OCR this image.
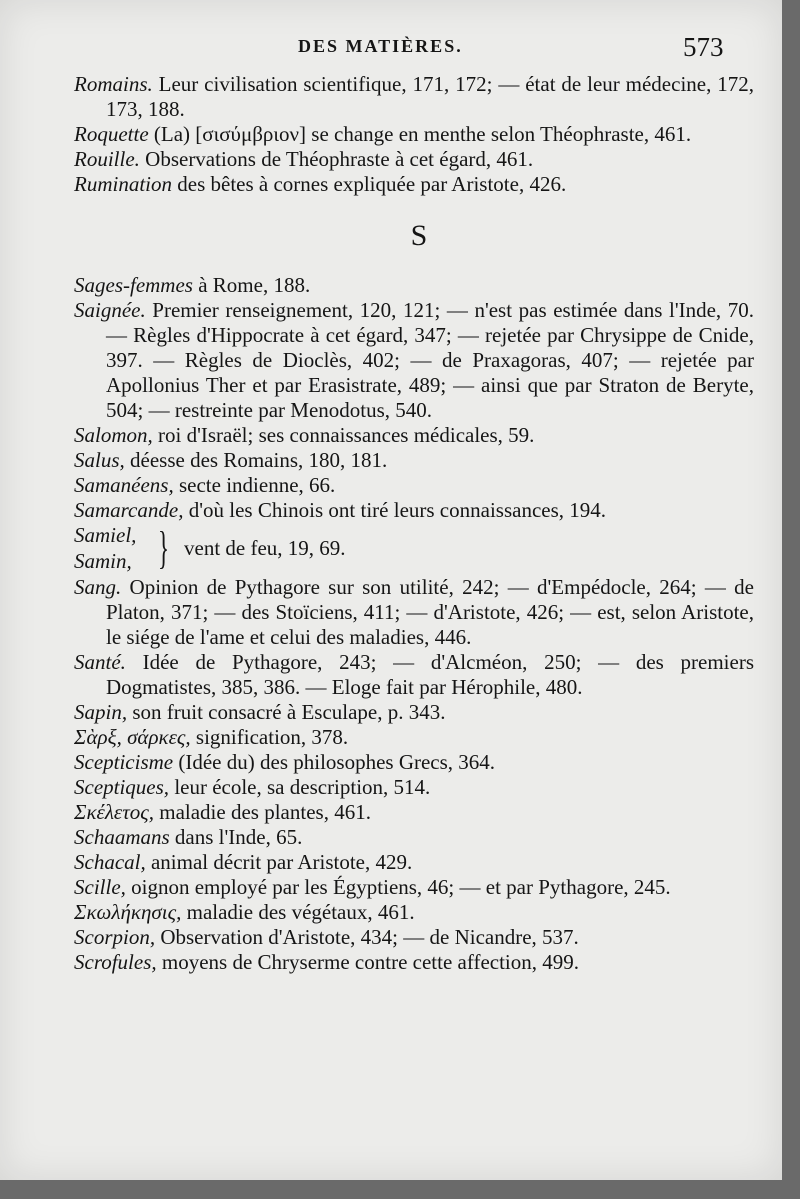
DES MATIÈRES.	573

Romains. Leur civilisation scientifique, 171, 172; — état de leur médecine, 172, 173, 188.

Roquette (La) [σισύμβριον] se change en menthe selon Théophraste, 461.

Rouille. Observations de Théophraste à cet égard, 461.

Rumination des bêtes à cornes expliquée par Aristote, 426.

S

Sages-femmes à Rome, 188.

Saignée. Premier renseignement, 120, 121; — n'est pas estimée dans l'Inde, 70. — Règles d'Hippocrate à cet égard, 347; — rejetée par Chrysippe de Cnide, 397. — Règles de Dioclès, 402; — de Praxagoras, 407; — rejetée par Apollonius Ther et par Erasistrate, 489; — ainsi que par Straton de Beryte, 504; — restreinte par Menodotus, 540.

Salomon, roi d'Israël; ses connaissances médicales, 59.

Salus, déesse des Romains, 180, 181.

Samanéens, secte indienne, 66.

Samarcande, d'où les Chinois ont tiré leurs connaissances, 194.

Samiel,
Samin, } vent de feu, 19, 69.

Sang. Opinion de Pythagore sur son utilité, 242; — d'Empédocle, 264; — de Platon, 371; — des Stoïciens, 411; — d'Aristote, 426; — est, selon Aristote, le siége de l'ame et celui des maladies, 446.

Santé. Idée de Pythagore, 243; — d'Alcméon, 250; — des premiers Dogmatistes, 385, 386. — Eloge fait par Hérophile, 480.

Sapin, son fruit consacré à Esculape, p. 343.

Σὰρξ, σάρκες, signification, 378.

Scepticisme (Idée du) des philosophes Grecs, 364.

Sceptiques, leur école, sa description, 514.

Σκέλετος, maladie des plantes, 461.

Schaamans dans l'Inde, 65.

Schacal, animal décrit par Aristote, 429.

Scille, oignon employé par les Égyptiens, 46; — et par Pythagore, 245.

Σκωλήκησις, maladie des végétaux, 461.

Scorpion, Observation d'Aristote, 434; — de Nicandre, 537.

Scrofules, moyens de Chryserme contre cette affection, 499.
